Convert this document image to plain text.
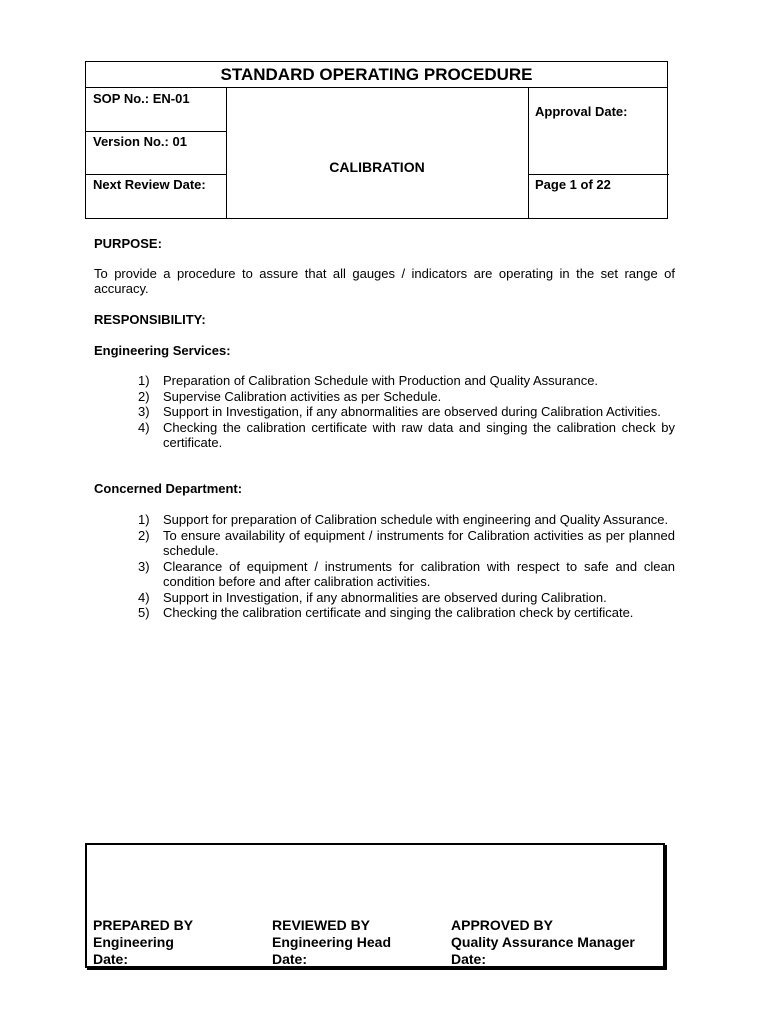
STANDARD OPERATING PROCEDURE
SOP No.: EN-01
Version No.: 01
Next Review Date:
CALIBRATION
Approval Date:
Page 1 of 22
PURPOSE:
To provide a procedure to assure that all gauges / indicators are operating in the set range of accuracy.
RESPONSIBILITY:
Engineering Services:
1) Preparation of Calibration Schedule with Production and Quality Assurance.
2) Supervise Calibration activities as per Schedule.
3) Support in Investigation, if any abnormalities are observed during Calibration Activities.
4) Checking the calibration certificate with raw data and singing the calibration check by certificate.
Concerned Department:
1) Support for preparation of Calibration schedule with engineering and Quality Assurance.
2) To ensure availability of equipment / instruments for Calibration activities as per planned schedule.
3) Clearance of equipment / instruments for calibration with respect to safe and clean condition before and after calibration activities.
4) Support in Investigation, if any abnormalities are observed during Calibration.
5) Checking the calibration certificate and singing the calibration check by certificate.
PREPARED BY
Engineering
Date:
REVIEWED BY
Engineering Head
Date:
APPROVED BY
Quality Assurance Manager
Date:
